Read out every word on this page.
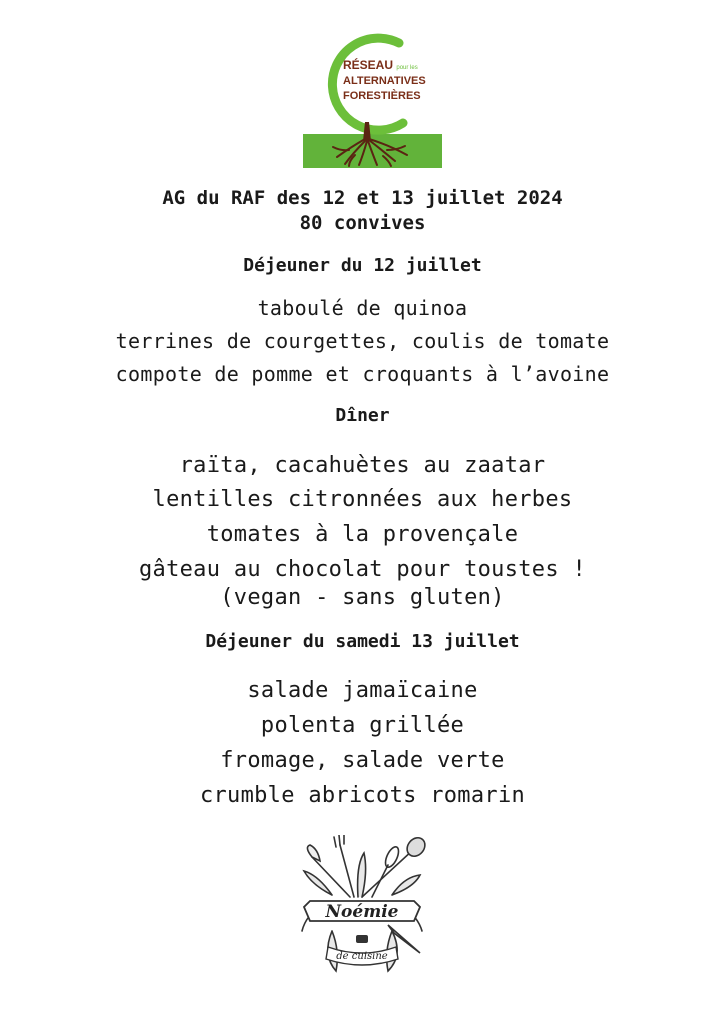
RÉSEAU pour les
ALTERNATIVES
FORESTIÈRES
AG du RAF des 12 et 13 juillet 2024
80 convives
Déjeuner du 12 juillet
taboulé de quinoa
terrines de courgettes, coulis de tomate
compote de pomme et croquants à l’avoine
Dîner
raïta, cacahuètes au zaatar
lentilles citronnées aux herbes
tomates à la provençale
gâteau au chocolat pour toustes !
(vegan - sans gluten)
Déjeuner du samedi 13 juillet
salade jamaïcaine
polenta grillée
fromage, salade verte
crumble abricots romarin
Noémie
de cuisine
